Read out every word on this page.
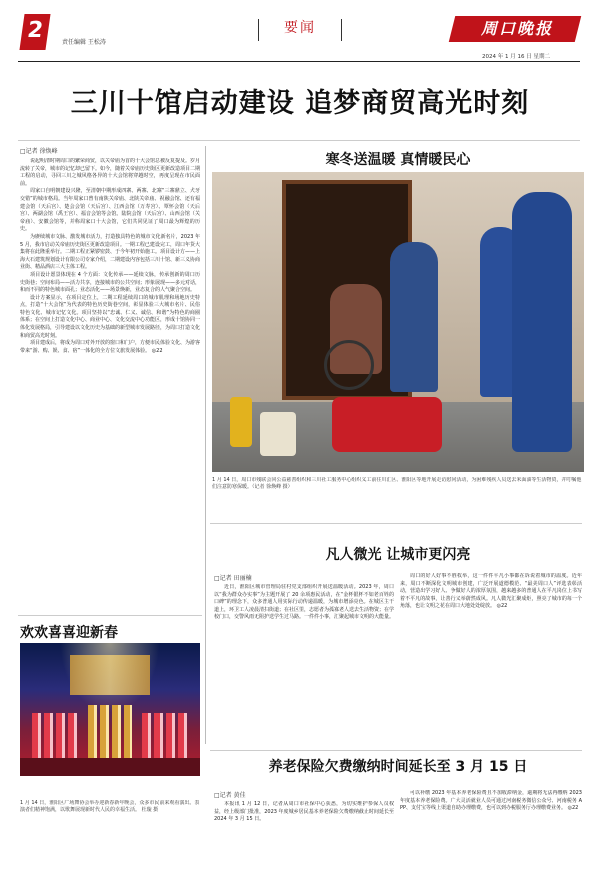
2	责任编辑 王松涛
要闻	周口晚报
2024 年 1 月 16 日 星期二
三川十馆启动建设 追梦商贸高光时刻
□记者 徐焕峰

说起明清时期周口的繁荣商贸，以关帝庙为首的十大会馆总被反复提及。岁月流转了关帝，城市的记忆却已留下。如今，随着关帝庙历史街区更新改造项目二期工程的启动，寻回三川之城风格各异的十大会馆将穿越时空，再度呈现在市民面前。

周家口自明朝建设兴隆，至清朝中期形成四寨、两寨、北寨“三寨鼎立、犬牙交错”的城市格局。当年周家口曾有南陕关帝庙、北陕关帝庙、祝融会馆、还有福建会馆（天后宫）、楚会会馆（天后宫）、江西会馆（万寿宫）、覃怀会馆（天后宫）、两湖会馆（禹王宫）、福音会馆等会馆。陆院会馆（天后宫）、山西会馆（关帝庙）、安徽会馆等，并称周家口十大会馆，它们共同见证了周口最为辉煌的历史。

为赓续城市文脉、激发城市活力，打造独具特色的城市文化新名片，2023 年 5 月，我市启动关帝庙历史街区更新改造项目。一期工程已建设完工，周口年货大集将在此隆重举行。二期工程正紧锣密鼓、于今年初开始施工。项目设计方——上海大石建筑规划设计有限公司专家介绍，二期建设内容包括三川十馆、新三义协商业街、精品酒店三大主体工程。

项目设计愿景体现在 4 个方面：文化传承——延续文脉，传承创新的周口历史街巷；空间布局——活力共享，连接城市的公共空间；形象展现——多元对话，和而不同的特色城市面孔；业态活化——场景焕新，业态复合的人气聚合空间。

设计方案显示，在项目定位上，二期工程延续周口的城市肌理和场地历史特点，打造“十大会馆”为代表的特色历史街巷空间，彰显体验三大城市名片、民俗特色文化、城市记忆文化。项目坚持以“忠诚、仁义、诚信、和谐”为特色的商圈体系；在空间上打造文化中心、商业中心、文化交流中心功能区，形成十馆协同一体化发展格局，引导建设以文化历史为基础的新型城市发展路径，为周口打造文化和商贸高光时刻。

项目建成后，将成为周口对外开放的窗口和门户，方便市民体验文化、为游客带来“游、购、娱、食、宿”一体化的全方位文旅发展体验。 ◎22

欢欢喜喜迎新春
1 月 14 日，淮阳区广场舞协会举办迎新春新年晚会，众多市民前来观看演出。表演者们精神饱满，以歌舞展现新时代人民的幸福生活。 杜璇 摄
寒冬送温暖 真情暖民心
1 月 14 日，周口市残联会同公益慈善组织和三川社工服务中心组织义工前往川汇区、淮阳区等地开展走访慰问活动，为困难残疾人员送去米面油等生活物资，并叮嘱他们注意防寒保暖。（记者 徐焕峰 摄）
凡人微光 让城市更闪亮
□记者 田丽楠
近日，淮阳区城市管理局驻村党支部组织开展送温暖活动。2023 年，周口以“我为群众办实事”为主题开展了 20 余项惠民活动，在“金杯银杯不如老百姓的口碑”的理念下，众多普通人用实际行动传递温暖，为城市增添亮色。在城区主干道上，环卫工人凌晨清扫街道；在社区里，志愿者为孤寡老人送去生活物资；在学校门口，交警风雨无阻护送学生过马路。一件件小事，汇聚起城市文明的大能量。
周口的好人好事不胜枚举，这一件件平凡小事都在诉说着城市的温度。近年来，周口不断深化文明城市创建，广泛开展道德模范、“最美周口人”评选表彰活动，营造出学习好人、争做好人的浓厚氛围，越来越多的普通人在平凡岗位上书写着不平凡的故事，让善行义举蔚然成风。凡人微光汇聚成炬，照亮了城市的每一个角落，也让文明之花在周口大地处处绽放。 ◎22
养老保险欠费缴纳时间延长至 3 月 15 日
□记者 黄佳
本报讯 1 月 12 日，记者从周口市社保中心获悉，为切实维护参保人员权益，经上级部门批准，2023 年度城乡居民基本养老保险欠费缴纳截止时间延长至 2024 年 3 月 15 日。
可以补缴 2023 年基本养老保险费且不加收滞纳金，逾期将无法再缴纳 2023 年度基本养老保险费。广大灵活就业人员可通过河南税务微信公众号、河南税务 APP、支付宝等线上渠道自助办理缴费，也可以到办税服务厅办理缴费业务。 ◎22
